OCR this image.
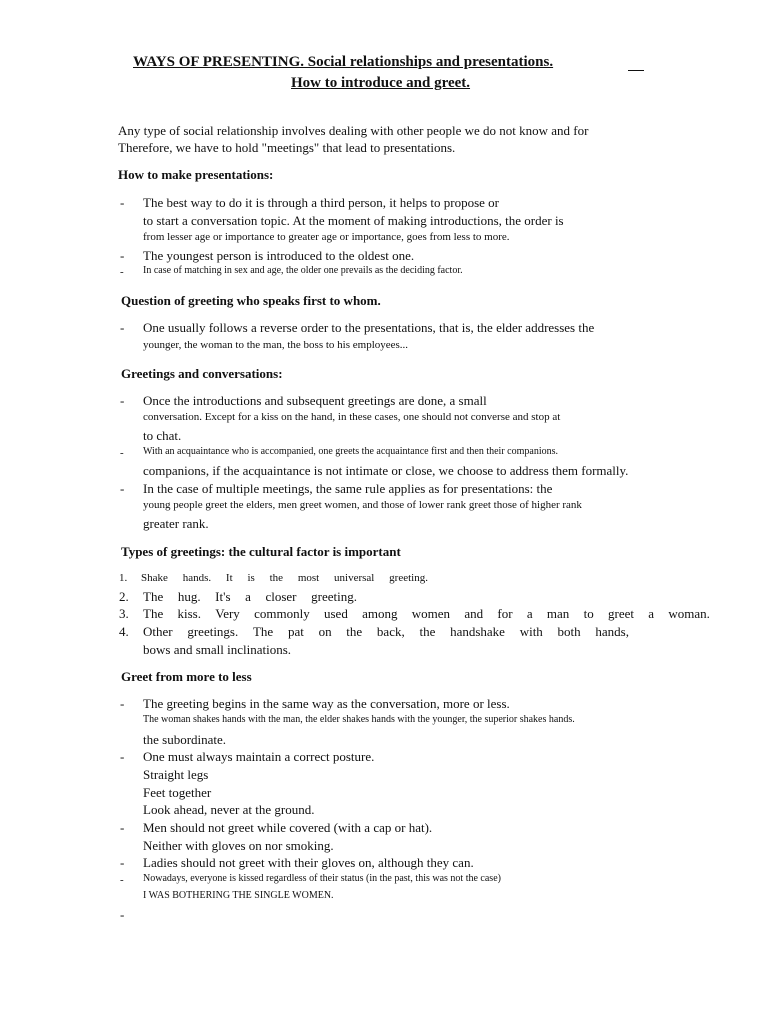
WAYS OF PRESENTING. Social relationships and presentations.
How to introduce and greet.
Any type of social relationship involves dealing with other people we do not know and for
Therefore, we have to hold "meetings" that lead to presentations.
How to make presentations:
- The best way to do it is through a third person, it helps to propose or
to start a conversation topic. At the moment of making introductions, the order is
from lesser age or importance to greater age or importance, goes from less to more.
- The youngest person is introduced to the oldest one.
- In case of matching in sex and age, the older one prevails as the deciding factor.
Question of greeting who speaks first to whom.
- One usually follows a reverse order to the presentations, that is, the elder addresses the
younger, the woman to the man, the boss to his employees...
Greetings and conversations:
- Once the introductions and subsequent greetings are done, a small
conversation. Except for a kiss on the hand, in these cases, one should not converse and stop at
to chat.
- With an acquaintance who is accompanied, one greets the acquaintance first and then their companions.
companions, if the acquaintance is not intimate or close, we choose to address them formally.
- In the case of multiple meetings, the same rule applies as for presentations: the
young people greet the elders, men greet women, and those of lower rank greet those of higher rank
greater rank.
Types of greetings: the cultural factor is important
1. Shake hands. It is the most universal greeting.
2. The hug. It's a closer greeting.
3. The kiss. Very commonly used among women and for a man to greet a woman.
4. Other greetings. The pat on the back, the handshake with both hands,
bows and small inclinations.
Greet from more to less
- The greeting begins in the same way as the conversation, more or less.
The woman shakes hands with the man, the elder shakes hands with the younger, the superior shakes hands.
the subordinate.
- One must always maintain a correct posture.
Straight legs
Feet together
Look ahead, never at the ground.
- Men should not greet while covered (with a cap or hat).
Neither with gloves on nor smoking.
- Ladies should not greet with their gloves on, although they can.
- Nowadays, everyone is kissed regardless of their status (in the past, this was not the case)
I WAS BOTHERING THE SINGLE WOMEN.
-
